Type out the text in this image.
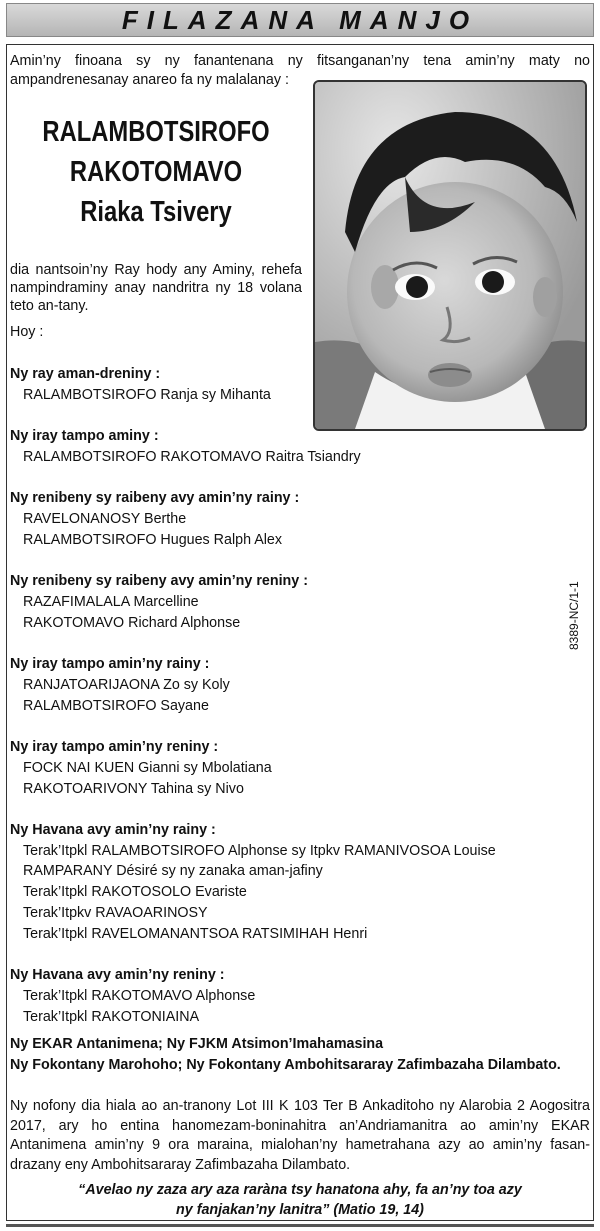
FILAZANA MANJO
Amin’ny finoana sy ny fanantenana ny fitsanganan’ny tena amin’ny maty no ampandrenesanay anareo fa ny malalanay :
RALAMBOTSIROFO
RAKOTOMAVO
Riaka Tsivery
dia nantsoin’ny Ray hody any Aminy, rehefa nampindraminy anay nandritra ny 18 volana teto an-tany.
Hoy :
Ny ray aman-dreniny :
RALAMBOTSIROFO Ranja sy Mihanta
Ny iray tampo aminy :
RALAMBOTSIROFO RAKOTOMAVO Raitra Tsiandry
Ny renibeny sy raibeny avy amin’ny rainy :
RAVELONANOSY Berthe
RALAMBOTSIROFO Hugues Ralph Alex
Ny renibeny sy raibeny avy amin’ny reniny :
RAZAFIMALALA Marcelline
RAKOTOMAVO Richard Alphonse
Ny iray tampo amin’ny rainy :
RANJATOARIJAONA Zo sy Koly
RALAMBOTSIROFO Sayane
Ny iray tampo amin’ny reniny :
FOCK NAI KUEN Gianni sy Mbolatiana
RAKOTOARIVONY Tahina sy Nivo
Ny Havana avy amin’ny rainy :
Terak’Itpkl RALAMBOTSIROFO Alphonse sy Itpkv RAMANIVOSOA Louise
RAMPARANY Désiré sy ny zanaka aman-jafiny
Terak’Itpkl RAKOTOSOLO Evariste
Terak’Itpkv RAVAOARINOSY
Terak’Itpkl RAVELOMANANTSOA RATSIMIHAH Henri
Ny Havana avy amin’ny reniny :
Terak’Itpkl RAKOTOMAVO Alphonse
Terak’Itpkl RAKOTONIAINA
Ny EKAR Antanimena; Ny FJKM Atsimon’Imahamasina
Ny Fokontany Marohoho; Ny Fokontany Ambohitsararay Zafimbazaha Dilambato.
Ny nofony dia hiala ao an-tranony Lot III K 103 Ter B Ankaditoho ny Alarobia 2 Aogositra 2017, ary ho entina hanomezam-boninahitra an’Andriamanitra ao amin’ny EKAR Antanimena amin’ny 9 ora maraina, mialohan’ny hametrahana azy ao amin’ny fasan-drazany eny Ambohitsararay Zafimbazaha Dilambato.
“Avelao ny zaza ary aza raràna tsy hanatona ahy, fa an’ny toa azy
ny fanjakan’ny lanitra” (Matio 19, 14)
8389-NC/1-1
